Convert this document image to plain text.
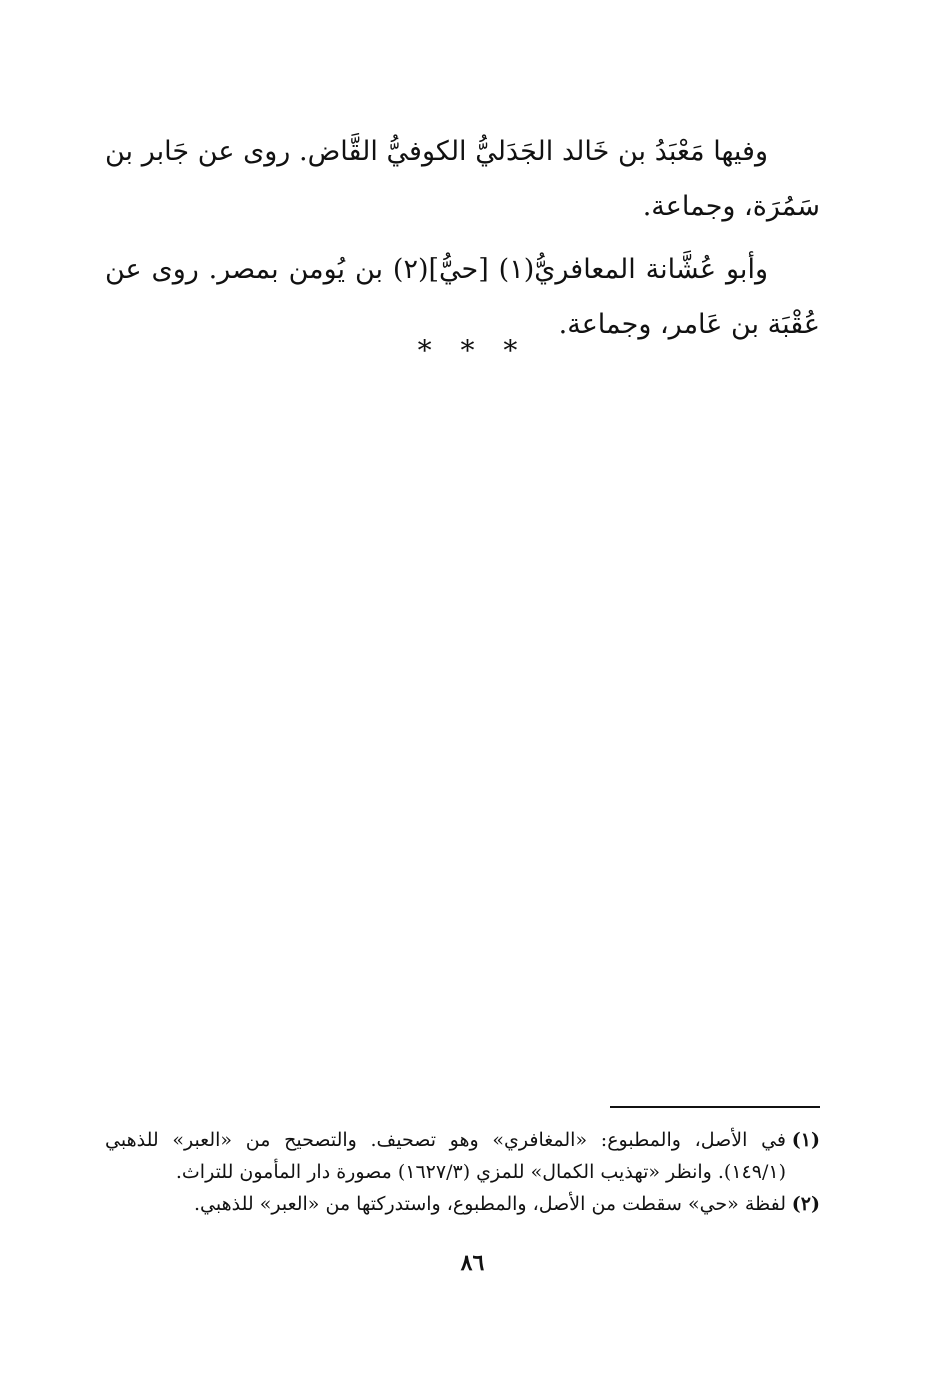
وفيها مَعْبَدُ بن خَالد الجَدَليُّ الكوفيُّ القَّاض. روى عن جَابر بن سَمُرَة، وجماعة.

وأبو عُشَّانة المعافريُّ(١) [حيُّ](٢) بن يُومن بمصر. روى عن عُقْبَة بن عَامر، وجماعة.

* * *

(١)
في الأصل، والمطبوع: «المغافري» وهو تصحيف. والتصحيح من «العبر» للذهبي (١٤٩/١). وانظر «تهذيب الكمال» للمزي (١٦٢٧/٣) مصورة دار المأمون للتراث.

(٢)
لفظة «حي» سقطت من الأصل، والمطبوع، واستدركتها من «العبر» للذهبي.

٨٦
